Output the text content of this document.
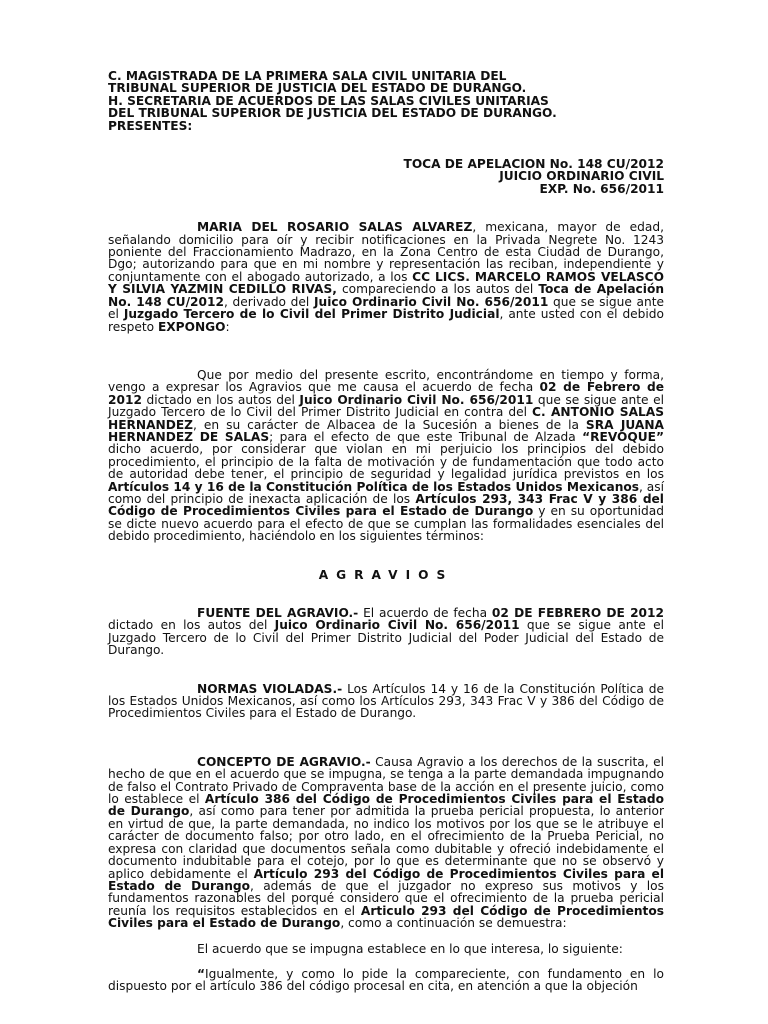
C. MAGISTRADA DE LA PRIMERA SALA CIVIL UNITARIA DEL
TRIBUNAL SUPERIOR DE JUSTICIA DEL ESTADO DE DURANGO.
H. SECRETARIA DE ACUERDOS DE LAS SALAS CIVILES UNITARIAS
DEL TRIBUNAL SUPERIOR DE JUSTICIA DEL ESTADO DE DURANGO.
PRESENTES:
TOCA DE APELACION No. 148 CU/2012
JUICIO ORDINARIO CIVIL
EXP. No. 656/2011

MARIA DEL ROSARIO SALAS ALVAREZ, mexicana, mayor de edad, señalando domicilio para oír y recibir notificaciones en la Privada Negrete No. 1243 poniente del Fraccionamiento Madrazo, en la Zona Centro de esta Ciudad de Durango, Dgo; autorizando para que en mi nombre y representación las reciban, independiente y conjuntamente con el abogado autorizado, a los CC LICS. MARCELO RAMOS VELASCO Y SILVIA YAZMIN CEDILLO RIVAS, compareciendo a los autos del Toca de Apelación No. 148 CU/2012, derivado del Juico Ordinario Civil No. 656/2011 que se sigue ante el Juzgado Tercero de lo Civil del Primer Distrito Judicial, ante usted con el debido respeto EXPONGO:

Que por medio del presente escrito, encontrándome en tiempo y forma, vengo a expresar los Agravios que me causa el acuerdo de fecha 02 de Febrero de 2012 dictado en los autos del Juico Ordinario Civil No. 656/2011 que se sigue ante el Juzgado Tercero de lo Civil del Primer Distrito Judicial en contra del C. ANTONIO SALAS HERNANDEZ, en su carácter de Albacea de la Sucesión a bienes de la SRA JUANA HERNANDEZ DE SALAS; para el efecto de que este Tribunal de Alzada “REVOQUE” dicho acuerdo, por considerar que violan en mi perjuicio los principios del debido procedimiento, el principio de la falta de motivación y de fundamentación que todo acto de autoridad debe tener, el principio de seguridad y legalidad jurídica previstos en los Artículos 14 y 16 de la Constitución Política de los Estados Unidos Mexicanos, así como del principio de inexacta aplicación de los Artículos 293, 343 Frac V y 386 del Código de Procedimientos Civiles para el Estado de Durango y en su oportunidad se dicte nuevo acuerdo para el efecto de que se cumplan las formalidades esenciales del debido procedimiento, haciéndolo en los siguientes términos:

AGRAVIOS

FUENTE DEL AGRAVIO.- El acuerdo de fecha 02 DE FEBRERO DE 2012 dictado en los autos del Juico Ordinario Civil No. 656/2011 que se sigue ante el Juzgado Tercero de lo Civil del Primer Distrito Judicial del Poder Judicial del Estado de Durango.

NORMAS VIOLADAS.- Los Artículos 14 y 16 de la Constitución Política de los Estados Unidos Mexicanos, así como los Artículos 293, 343 Frac V y 386 del Código de Procedimientos Civiles para el Estado de Durango.

CONCEPTO DE AGRAVIO.- Causa Agravio a los derechos de la suscrita, el hecho de que en el acuerdo que se impugna, se tenga a la parte demandada impugnando de falso el Contrato Privado de Compraventa base de la acción en el presente juicio, como lo establece el Artículo 386 del Código de Procedimientos Civiles para el Estado de Durango, así como para tener por admitida la prueba pericial propuesta, lo anterior en virtud de que, la parte demandada, no indico los motivos por los que se le atribuye el carácter de documento falso; por otro lado, en el ofrecimiento de la Prueba Pericial, no expresa con claridad que documentos señala como dubitable y ofreció indebidamente el documento indubitable para el cotejo, por lo que es determinante que no se observó y aplico debidamente el Artículo 293 del Código de Procedimientos Civiles para el Estado de Durango, además de que el juzgador no expreso sus motivos y los fundamentos razonables del porqué considero que el ofrecimiento de la prueba pericial reunía los requisitos establecidos en el Articulo 293 del Código de Procedimientos Civiles para el Estado de Durango, como a continuación se demuestra:

El acuerdo que se impugna establece en lo que interesa, lo siguiente:

“Igualmente, y como lo pide la compareciente, con fundamento en lo dispuesto por el artículo 386 del código procesal en cita, en atención a que la objeción
